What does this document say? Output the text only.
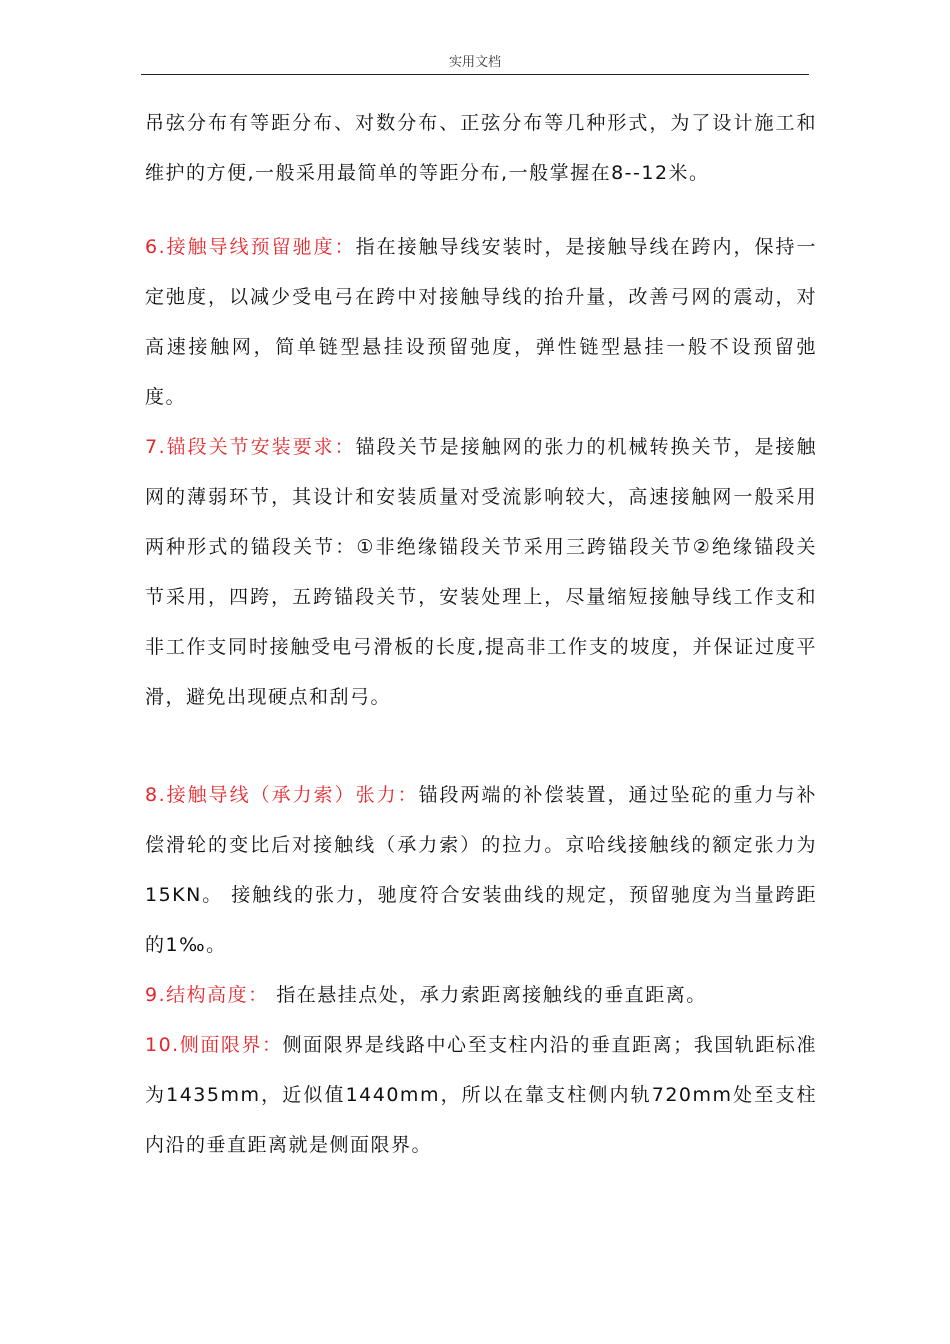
实用文档

吊弦分布有等距分布、对数分布、正弦分布等几种形式，为了设计施工和维护的方便,一般采用最简单的等距分布,一般掌握在8--12米。

6.接触导线预留驰度：指在接触导线安装时，是接触导线在跨内，保持一定弛度，以减少受电弓在跨中对接触导线的抬升量，改善弓网的震动，对高速接触网，简单链型悬挂设预留弛度，弹性链型悬挂一般不设预留弛度。

7.锚段关节安装要求：锚段关节是接触网的张力的机械转换关节，是接触网的薄弱环节，其设计和安装质量对受流影响较大，高速接触网一般采用两种形式的锚段关节：①非绝缘锚段关节采用三跨锚段关节②绝缘锚段关节采用，四跨，五跨锚段关节，安装处理上，尽量缩短接触导线工作支和非工作支同时接触受电弓滑板的长度,提高非工作支的坡度，并保证过度平滑，避免出现硬点和刮弓。

8.接触导线（承力索）张力：锚段两端的补偿装置，通过坠砣的重力与补偿滑轮的变比后对接触线（承力索）的拉力。京哈线接触线的额定张力为15KN。 接触线的张力，驰度符合安装曲线的规定，预留驰度为当量跨距的1‰。

9.结构高度： 指在悬挂点处，承力索距离接触线的垂直距离。

10.侧面限界：侧面限界是线路中心至支柱内沿的垂直距离；我国轨距标准为1435mm，近似值1440mm，所以在靠支柱侧内轨720mm处至支柱内沿的垂直距离就是侧面限界。
